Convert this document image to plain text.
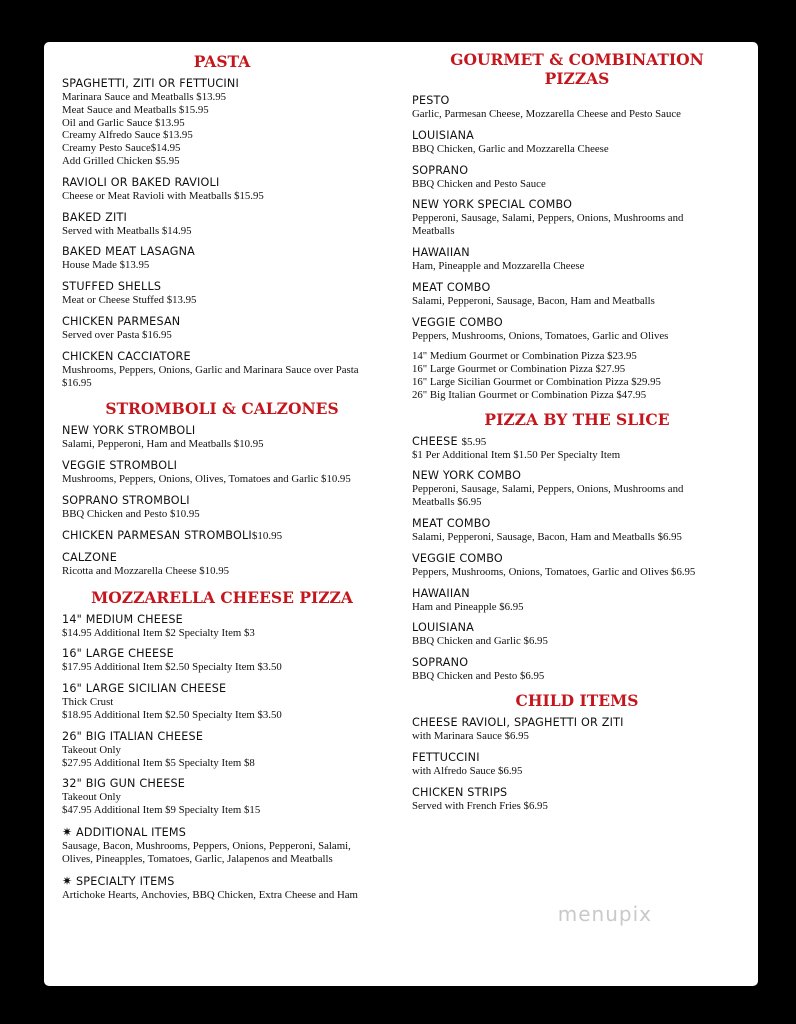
PASTA
SPAGHETTI, ZITI OR FETTUCINI
Marinara Sauce and Meatballs $13.95
Meat Sauce and Meatballs $15.95
Oil and Garlic Sauce $13.95
Creamy Alfredo Sauce $13.95
Creamy Pesto Sauce$14.95
Add Grilled Chicken $5.95
RAVIOLI OR BAKED RAVIOLI
Cheese or Meat Ravioli with Meatballs $15.95
BAKED ZITI
Served with Meatballs $14.95
BAKED MEAT LASAGNA
House Made $13.95
STUFFED SHELLS
Meat or Cheese Stuffed $13.95
CHICKEN PARMESAN
Served over Pasta $16.95
CHICKEN CACCIATORE
Mushrooms, Peppers, Onions, Garlic and Marinara Sauce over Pasta
$16.95
STROMBOLI & CALZONES
NEW YORK STROMBOLI
Salami, Pepperoni, Ham and Meatballs $10.95
VEGGIE STROMBOLI
Mushrooms, Peppers, Onions, Olives, Tomatoes and Garlic $10.95
SOPRANO STROMBOLI
BBQ Chicken and Pesto $10.95
CHICKEN PARMESAN STROMBOLI$10.95
CALZONE
Ricotta and Mozzarella Cheese $10.95
MOZZARELLA CHEESE PIZZA
14" MEDIUM CHEESE
$14.95 Additional Item $2 Specialty Item $3
16" LARGE CHEESE
$17.95 Additional Item $2.50 Specialty Item $3.50
16" LARGE SICILIAN CHEESE
Thick Crust
$18.95 Additional Item $2.50 Specialty Item $3.50
26" BIG ITALIAN CHEESE
Takeout Only
$27.95 Additional Item $5 Specialty Item $8
32" BIG GUN CHEESE
Takeout Only
$47.95 Additional Item $9 Specialty Item $15
✷ ADDITIONAL ITEMS
Sausage, Bacon, Mushrooms, Peppers, Onions, Pepperoni, Salami,
Olives, Pineapples, Tomatoes, Garlic, Jalapenos and Meatballs
✷ SPECIALTY ITEMS
Artichoke Hearts, Anchovies, BBQ Chicken, Extra Cheese and Ham
GOURMET & COMBINATION
PIZZAS
PESTO
Garlic, Parmesan Cheese, Mozzarella Cheese and Pesto Sauce
LOUISIANA
BBQ Chicken, Garlic and Mozzarella Cheese
SOPRANO
BBQ Chicken and Pesto Sauce
NEW YORK SPECIAL COMBO
Pepperoni, Sausage, Salami, Peppers, Onions, Mushrooms and
Meatballs
HAWAIIAN
Ham, Pineapple and Mozzarella Cheese
MEAT COMBO
Salami, Pepperoni, Sausage, Bacon, Ham and Meatballs
VEGGIE COMBO
Peppers, Mushrooms, Onions, Tomatoes, Garlic and Olives
14" Medium Gourmet or Combination Pizza $23.95
16" Large Gourmet or Combination Pizza $27.95
16" Large Sicilian Gourmet or Combination Pizza $29.95
26" Big Italian Gourmet or Combination Pizza $47.95
PIZZA BY THE SLICE
CHEESE $5.95
$1 Per Additional Item $1.50 Per Specialty Item
NEW YORK COMBO
Pepperoni, Sausage, Salami, Peppers, Onions, Mushrooms and
Meatballs $6.95
MEAT COMBO
Salami, Pepperoni, Sausage, Bacon, Ham and Meatballs $6.95
VEGGIE COMBO
Peppers, Mushrooms, Onions, Tomatoes, Garlic and Olives $6.95
HAWAIIAN
Ham and Pineapple $6.95
LOUISIANA
BBQ Chicken and Garlic $6.95
SOPRANO
BBQ Chicken and Pesto $6.95
CHILD ITEMS
CHEESE RAVIOLI, SPAGHETTI OR ZITI
with Marinara Sauce $6.95
FETTUCCINI
with Alfredo Sauce $6.95
CHICKEN STRIPS
Served with French Fries $6.95
menupix
